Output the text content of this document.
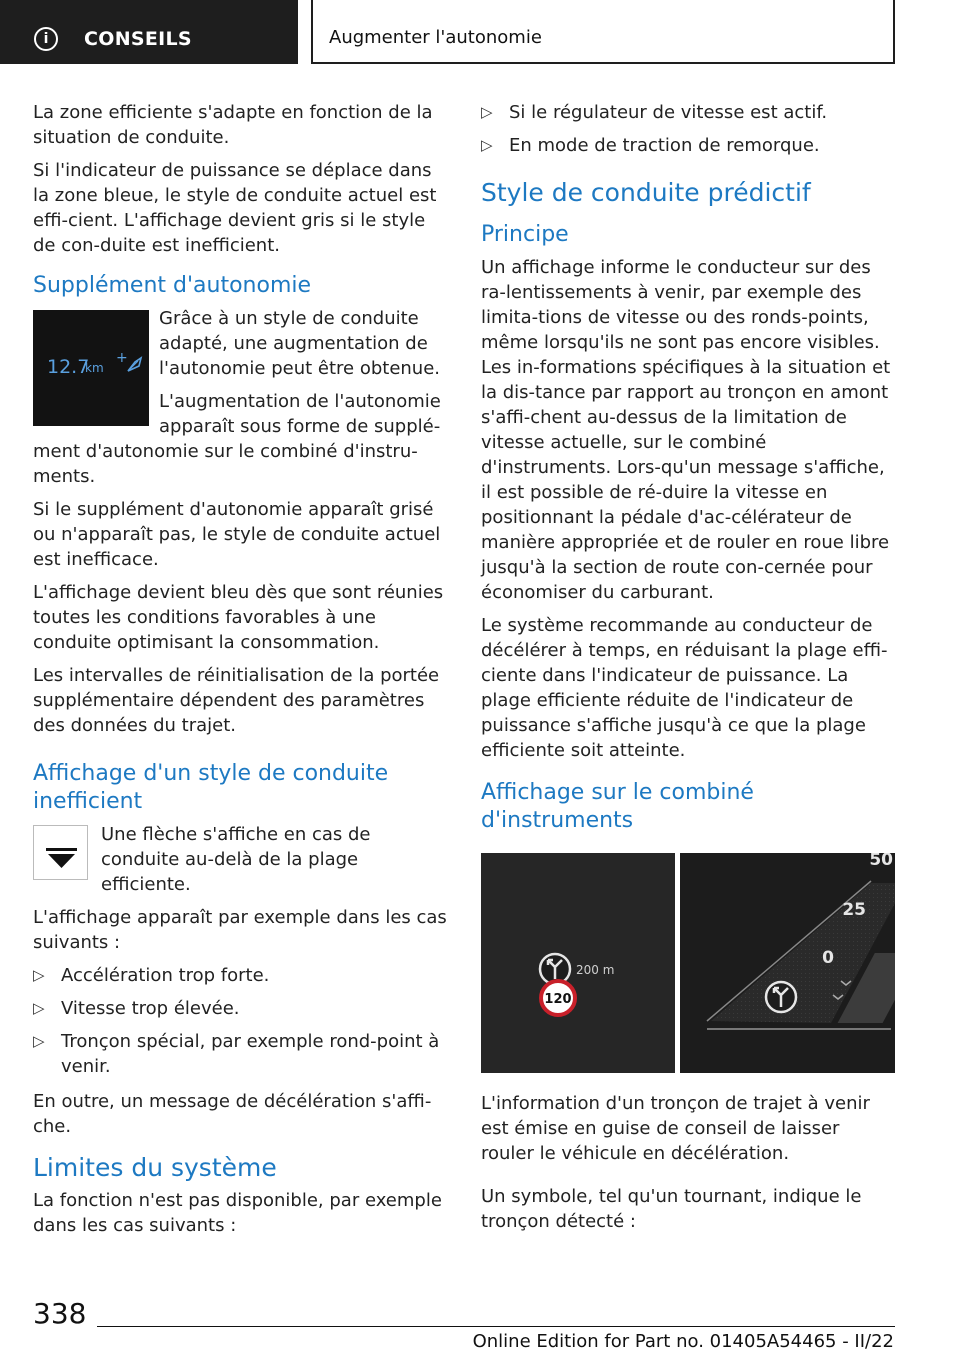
i	CONSEILS	Augmenter l'autonomie

La zone efficiente s'adapte en fonction de la situation de conduite.

Si l'indicateur de puissance se déplace dans la zone bleue, le style de conduite actuel est effi-cient. L'affichage devient gris si le style de con-duite est inefficient.

Supplément d'autonomie
12.7
km
+

Grâce à un style de conduite adapté, une augmentation de l'autonomie peut être obtenue.

L'augmentation de l'autonomie apparaît sous forme de supplé-ment d'autonomie sur le combiné d'instru-ments.

Si le supplément d'autonomie apparaît grisé ou n'apparaît pas, le style de conduite actuel est inefficace.

L'affichage devient bleu dès que sont réunies toutes les conditions favorables à une conduite optimisant la consommation.

Les intervalles de réinitialisation de la portée supplémentaire dépendent des paramètres des données du trajet.

Affichage d'un style de conduite inefficient

Une flèche s'affiche en cas de conduite au-delà de la plage efficiente.

L'affichage apparaît par exemple dans les cas suivants :

▷ Accélération trop forte.
▷ Vitesse trop élevée.
▷ Tronçon spécial, par exemple rond-point à venir.

En outre, un message de décélération s'affi-che.

Limites du système

La fonction n'est pas disponible, par exemple dans les cas suivants :

▷ Si le régulateur de vitesse est actif.
▷ En mode de traction de remorque.
Style de conduite prédictif
Principe

Un affichage informe le conducteur sur des ra-lentissements à venir, par exemple des limita-tions de vitesse ou des ronds-points, même lorsqu'ils ne sont pas encore visibles. Les in-formations spécifiques à la situation et la dis-tance par rapport au tronçon en amont s'affi-chent au-dessus de la limitation de vitesse actuelle, sur le combiné d'instruments. Lors-qu'un message s'affiche, il est possible de ré-duire la vitesse en positionnant la pédale d'ac-célérateur de manière appropriée et de rouler en roue libre jusqu'à la section de route con-cernée pour économiser du carburant.

Le système recommande au conducteur de décélérer à temps, en réduisant la plage effi-ciente dans l'indicateur de puissance. La plage efficiente réduite de l'indicateur de puissance s'affiche jusqu'à ce que la plage efficiente soit atteinte.

Affichage sur le combiné d'instruments
120
200 m
50
25
0

L'information d'un tronçon de trajet à venir est émise en guise de conseil de laisser rouler le véhicule en décélération.

Un symbole, tel qu'un tournant, indique le tronçon détecté :

338
Online Edition for Part no. 01405A54465 - II/22
